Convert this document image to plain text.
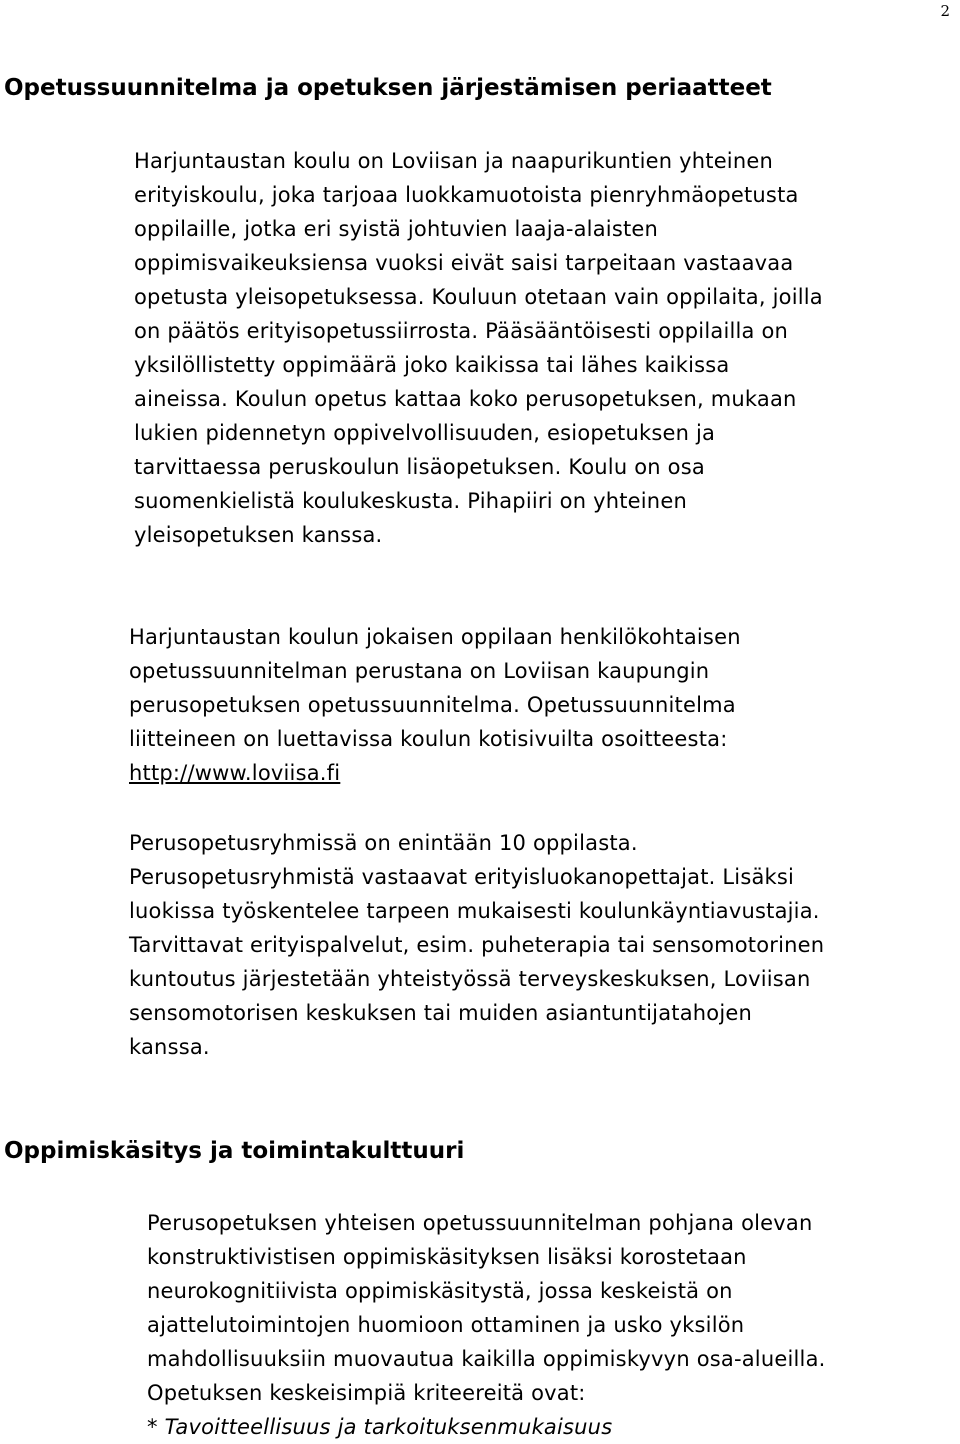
2
Opetussuunnitelma ja opetuksen järjestämisen periaatteet
Harjuntaustan koulu on Loviisan ja naapurikuntien yhteinen
erityiskoulu, joka tarjoaa luokkamuotoista pienryhmäopetusta
oppilaille, jotka eri syistä johtuvien laaja-alaisten
oppimisvaikeuksiensa vuoksi eivät saisi tarpeitaan vastaavaa
opetusta yleisopetuksessa. Kouluun otetaan vain oppilaita, joilla
on päätös erityisopetussiirrosta. Pääsääntöisesti oppilailla on
yksilöllistetty oppimäärä joko kaikissa tai lähes kaikissa
aineissa. Koulun opetus kattaa koko perusopetuksen, mukaan
lukien pidennetyn oppivelvollisuuden, esiopetuksen ja
tarvittaessa peruskoulun lisäopetuksen. Koulu on osa
suomenkielistä koulukeskusta. Pihapiiri on yhteinen
yleisopetuksen kanssa.
Harjuntaustan koulun jokaisen oppilaan henkilökohtaisen
opetussuunnitelman perustana on Loviisan kaupungin
perusopetuksen opetussuunnitelma. Opetussuunnitelma
liitteineen on luettavissa koulun kotisivuilta osoitteesta:
http://www.loviisa.fi
Perusopetusryhmissä on enintään 10 oppilasta.
Perusopetusryhmistä vastaavat erityisluokanopettajat. Lisäksi
luokissa työskentelee tarpeen mukaisesti koulunkäyntiavustajia.
Tarvittavat erityispalvelut, esim. puheterapia tai sensomotorinen
kuntoutus järjestetään yhteistyössä terveyskeskuksen, Loviisan
sensomotorisen keskuksen tai muiden asiantuntijatahojen
kanssa.
Oppimiskäsitys ja toimintakulttuuri
Perusopetuksen yhteisen opetussuunnitelman pohjana olevan
konstruktivistisen oppimiskäsityksen lisäksi korostetaan
neurokognitiivista oppimiskäsitystä, jossa keskeistä on
ajattelutoimintojen huomioon ottaminen ja usko yksilön
mahdollisuuksiin muovautua kaikilla oppimiskyvyn osa-alueilla.
Opetuksen keskeisimpiä kriteereitä ovat:
* Tavoitteellisuus ja tarkoituksenmukaisuus
